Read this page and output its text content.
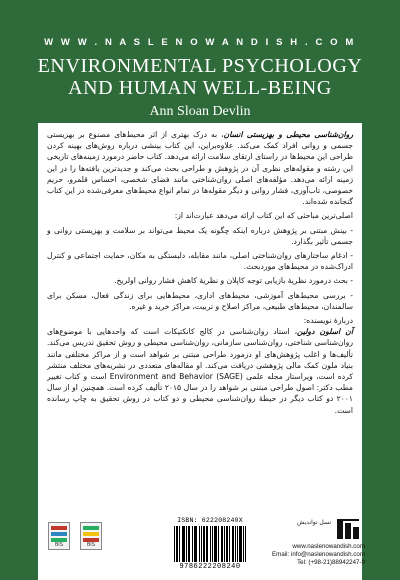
W W W . N A S L E N O W A N D I S H . C O M
ENVIRONMENTAL PSYCHOLOGY
AND HUMAN WELL-BEING
Ann Sloan Devlin

روان‌شناسی محیطی و بهزیستی انسان، به درک بهتری از اثر محیط‌های مصنوع بر بهزیستی جسمی و روانی افراد کمک می‌کند. علاوه‌براین، این کتاب بینشی درباره روش‌های بهینه کردن طراحی این محیط‌ها در راستای ارتقای سلامت ارائه می‌دهد. کتاب حاضر درمورد زمینه‌های تاریخی این رشته و مقوله‌های نظری آن در پژوهش و طراحی بحث می‌کند و جدیدترین یافته‌ها را در این زمینه ارائه می‌دهد. مؤلفه‌های اصلی روان‌شناختی مانند فضای شخصی، احساس قلمرو، حریم خصوصی، تاب‌آوری، فشار روانی و دیگر مقوله‌ها در تمام انواع محیط‌های معرفی‌شده در این کتاب گنجانده شده‌اند.

اصلی‌ترین مباحثی که این کتاب ارائه می‌دهد عبارت‌اند از:

- بینش مبتنی بر پژوهش درباره اینکه چگونه یک محیط می‌تواند بر سلامت و بهزیستی روانی و جسمی تأثیر بگذارد.

- ادغام ساختارهای روان‌شناختی اصلی، مانند مقابله، دلبستگی به مکان، حمایت اجتماعی و کنترل ادراک‌شده در محیط‌های موردبحث.

- بحث درمورد نظریهٔ بازیابی توجه کاپلان و نظریهٔ کاهش فشار روانی اولریخ.

- بررسی محیط‌های آموزشی، محیط‌های اداری، محیط‌هایی برای زندگی فعال، مسکن برای سالمندان، محیط‌های طبیعی، مراکز اصلاح و تربیت، مراکز خرید و غیره.

دربارهٔ نویسنده:

آن اسلون دولین، استاد روان‌شناسی در کالج کانکتیکات است که واحدهایی با موضوع‌های روان‌شناسی شناختی، روان‌شناسی سازمانی، روان‌شناسی محیطی و روش تحقیق تدریس می‌کند. تألیف‌ها و اغلب پژوهش‌های او درمورد طراحی مبتنی بر شواهد است و از مراکز مختلفی مانند بنیاد ملون کمک مالی پژوهشی دریافت می‌کند. او مقاله‌های متعددی در نشریه‌های مختلف منتشر کرده است، ویراستار مجله علمی Environment and Behavior (SAGE) است و کتاب تغییر مطب دکتر: اصول طراحی مبتنی بر شواهد را در سال ۲۰۱۵ تألیف کرده است. همچنین او از سال ۲۰۰۱ دو کتاب دیگر در حیطهٔ روان‌شناسی محیطی و دو کتاب در روش تحقیق به چاپ رسانده است.

BIS	BIS
ISBN: 622208240X
9786222208240
نسل نواندیش
www.naslenowandish.com
Email: info@naslenowandish.com
Tel: (+98-21)88942247-9
